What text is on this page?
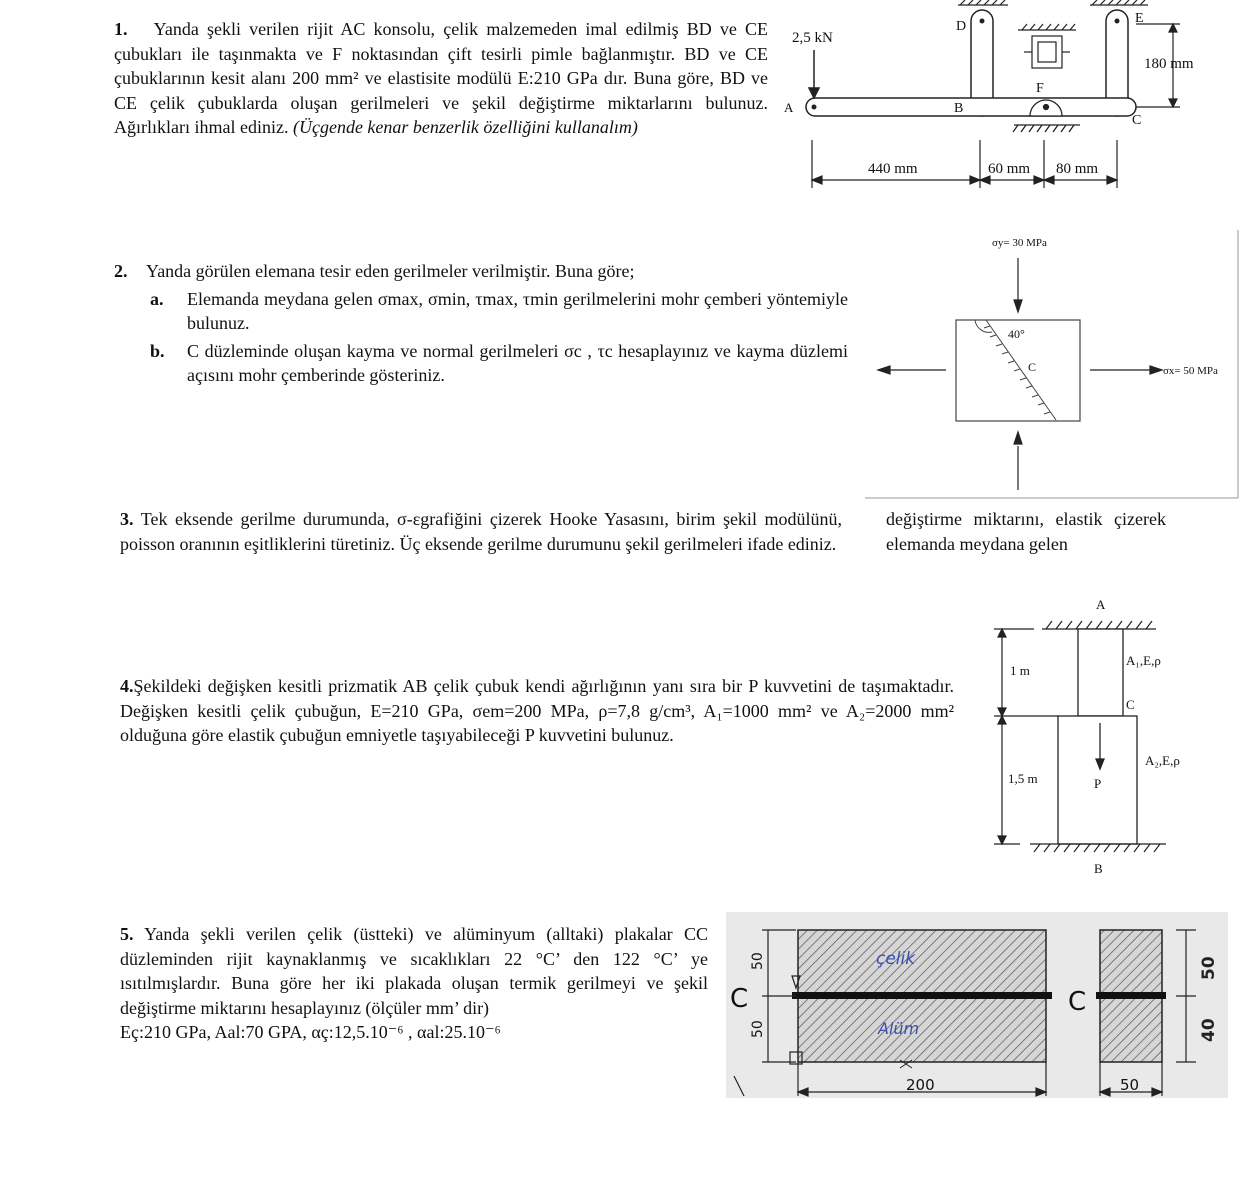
1. Yanda şekli verilen rijit AC konsolu, çelik malzemeden imal edilmiş BD ve CE çubukları ile taşınmakta ve F noktasından çift tesirli pimle bağlanmıştır. BD ve CE çubuklarının kesit alanı 200 mm² ve elastisite modülü E:210 GPa dır. Buna göre, BD ve CE çelik çubuklarda oluşan gerilmeleri ve şekil değiştirme miktarlarını bulunuz. Ağırlıkları ihmal ediniz. (Üçgende kenar benzerlik özelliğini kullanalım)
2,5 kN
A	B
C
D
E
F
180 mm
440 mm	60 mm 80 mm
2. Yanda görülen elemana tesir eden gerilmeler verilmiştir. Buna göre;
a.	Elemanda meydana gelen σmax, σmin, τmax, τmin gerilmelerini mohr çemberi yöntemiyle bulunuz.
b.	C düzleminde oluşan kayma ve normal gerilmeleri σc , τc hesaplayınız ve kayma düzlemi açısını mohr çemberinde gösteriniz.
σy= 30 MPa
40°
C	σx= 50 MPa
3. Tek eksende gerilme durumunda, σ-εgrafiğini çizerek Hooke Yasasını, birim şekil modülünü, poisson oranının eşitliklerini türetiniz. Üç eksende gerilme durumunu şekil gerilmeleri ifade ediniz.
değiştirme miktarını, elastik çizerek elemanda meydana gelen
4.Şekildeki değişken kesitli prizmatik AB çelik çubuk kendi ağırlığının yanı sıra bir P kuvvetini de taşımaktadır. Değişken kesitli çelik çubuğun, E=210 GPa, σem=200 MPa, ρ=7,8 g/cm³, A₁=1000 mm² ve A₂=2000 mm² olduğuna göre elastik çubuğun emniyetle taşıyabileceği P kuvvetini bulunuz.
A
B
C
A₁,E,ρ
A₂,E,ρ
P
1 m
1,5 m
5. Yanda şekli verilen çelik (üstteki) ve alüminyum (alltaki) plakalar CC düzleminden rijit kaynaklanmış ve sıcaklıkları 22 °C’ den 122 °C’ ye ısıtılmışlardır. Buna göre her iki plakada oluşan termik gerilmeyi ve şekil değiştirme miktarını hesaplayınız (ölçüler mm’ dir)
Eç:210 GPa, Aal:70 GPA, αç:12,5.10⁻⁶ , αal:25.10⁻⁶
50
50
C	C
çelik
Alüm
50
40
200	50
